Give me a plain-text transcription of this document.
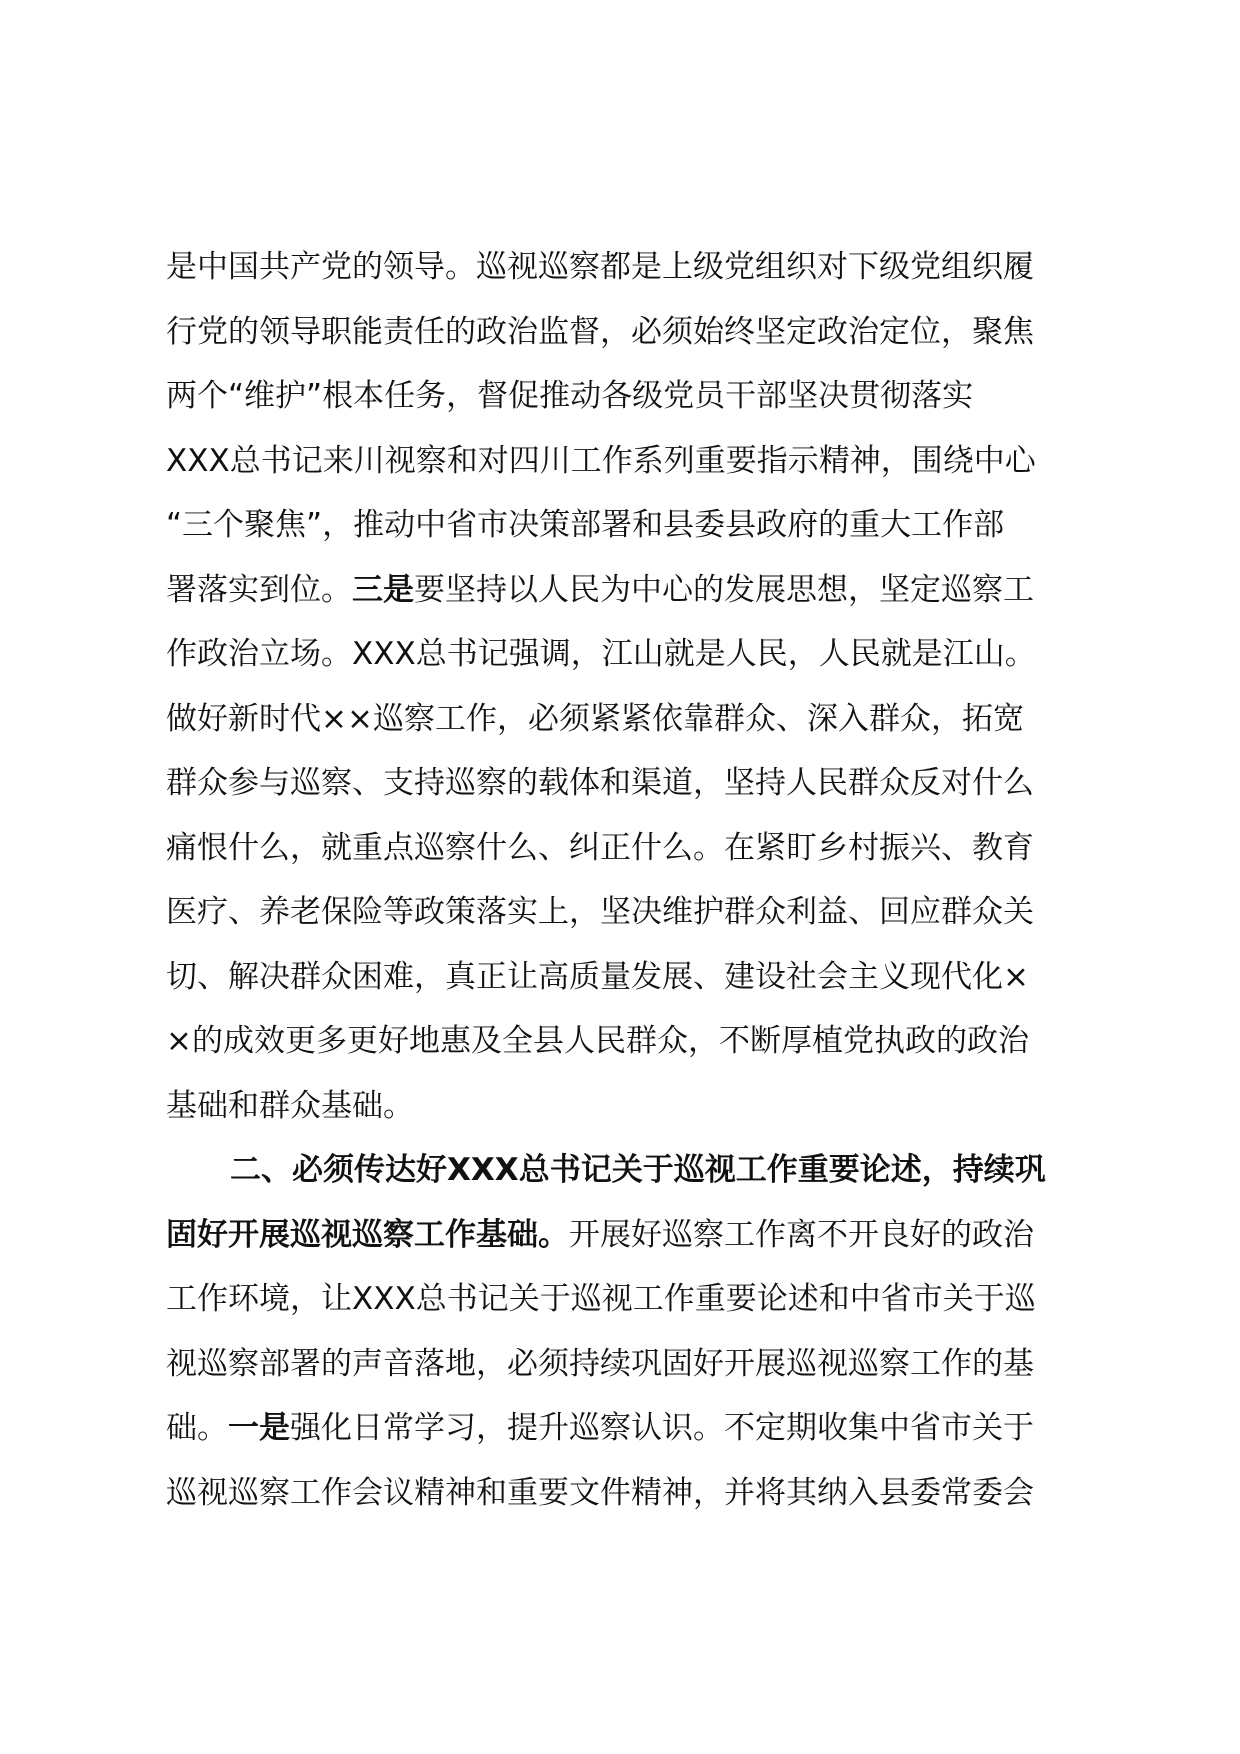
是中国共产党的领导。巡视巡察都是上级党组织对下级党组织履
行党的领导职能责任的政治监督，必须始终坚定政治定位，聚焦
两个“维护”根本任务，督促推动各级党员干部坚决贯彻落实
XXX总书记来川视察和对四川工作系列重要指示精神，围绕中心
“三个聚焦”，推动中省市决策部署和县委县政府的重大工作部
署落实到位。三是要坚持以人民为中心的发展思想，坚定巡察工
作政治立场。XXX总书记强调，江山就是人民，人民就是江山。
做好新时代××巡察工作，必须紧紧依靠群众、深入群众，拓宽
群众参与巡察、支持巡察的载体和渠道，坚持人民群众反对什么
痛恨什么，就重点巡察什么、纠正什么。在紧盯乡村振兴、教育
医疗、养老保险等政策落实上，坚决维护群众利益、回应群众关
切、解决群众困难，真正让高质量发展、建设社会主义现代化×
×的成效更多更好地惠及全县人民群众，不断厚植党执政的政治
基础和群众基础。
二、必须传达好XXX总书记关于巡视工作重要论述，持续巩
固好开展巡视巡察工作基础。开展好巡察工作离不开良好的政治
工作环境，让XXX总书记关于巡视工作重要论述和中省市关于巡
视巡察部署的声音落地，必须持续巩固好开展巡视巡察工作的基
础。一是强化日常学习，提升巡察认识。不定期收集中省市关于
巡视巡察工作会议精神和重要文件精神，并将其纳入县委常委会
